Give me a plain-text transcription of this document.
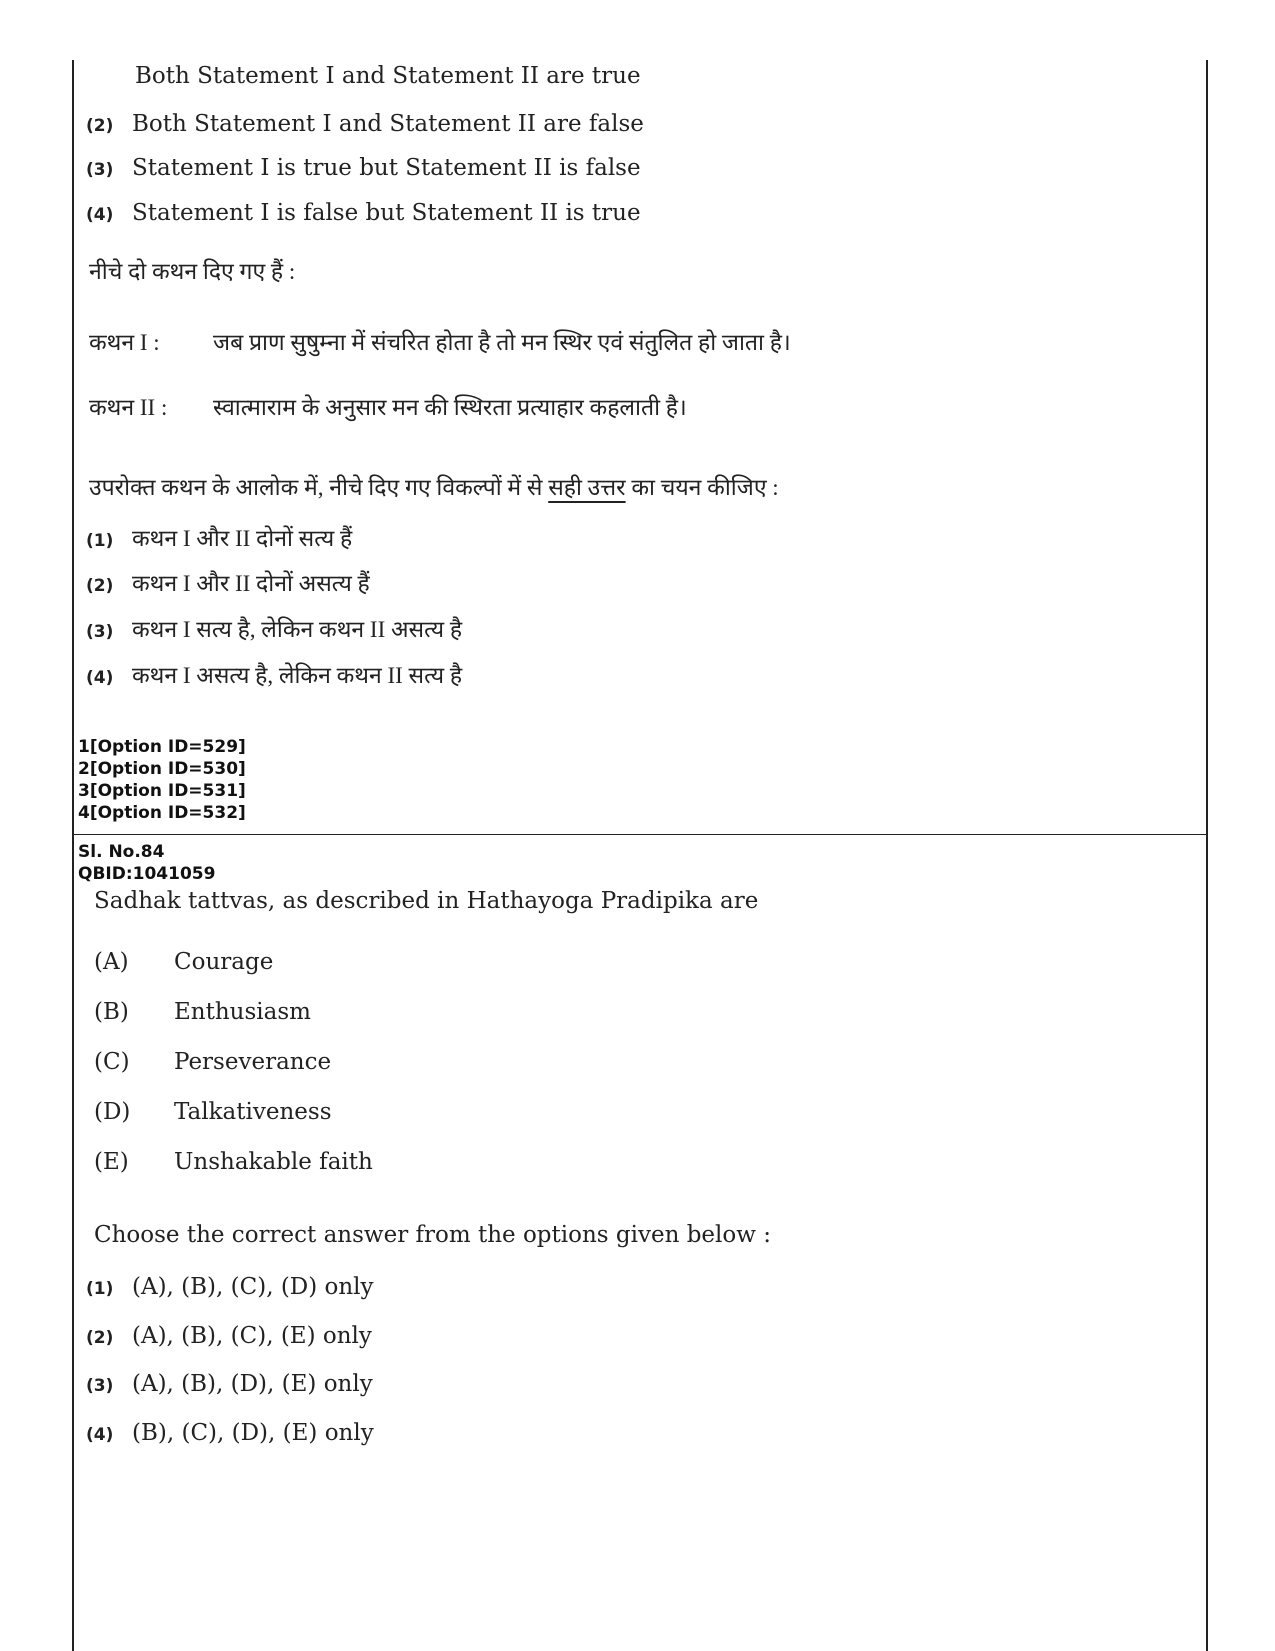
Both Statement I and Statement II are true
(2) Both Statement I and Statement II are false
(3) Statement I is true but Statement II is false
(4) Statement I is false but Statement II is true
नीचे दो कथन दिए गए हैं :
कथन I : जब प्राण सुषुम्ना में संचरित होता है तो मन स्थिर एवं संतुलित हो जाता है।
कथन II : स्वात्माराम के अनुसार मन की स्थिरता प्रत्याहार कहलाती है।
उपरोक्त कथन के आलोक में, नीचे दिए गए विकल्पों में से सही उत्तर का चयन कीजिए :
(1) कथन I और II दोनों सत्य हैं
(2) कथन I और II दोनों असत्य हैं
(3) कथन I सत्य है, लेकिन कथन II असत्य है
(4) कथन I असत्य है, लेकिन कथन II सत्य है
1[Option ID=529]
2[Option ID=530]
3[Option ID=531]
4[Option ID=532]
Sl. No.84
QBID:1041059
Sadhak tattvas, as described in Hathayoga Pradipika are
(A) Courage
(B) Enthusiasm
(C) Perseverance
(D) Talkativeness
(E) Unshakable faith
Choose the correct answer from the options given below :
(1) (A), (B), (C), (D) only
(2) (A), (B), (C), (E) only
(3) (A), (B), (D), (E) only
(4) (B), (C), (D), (E) only
